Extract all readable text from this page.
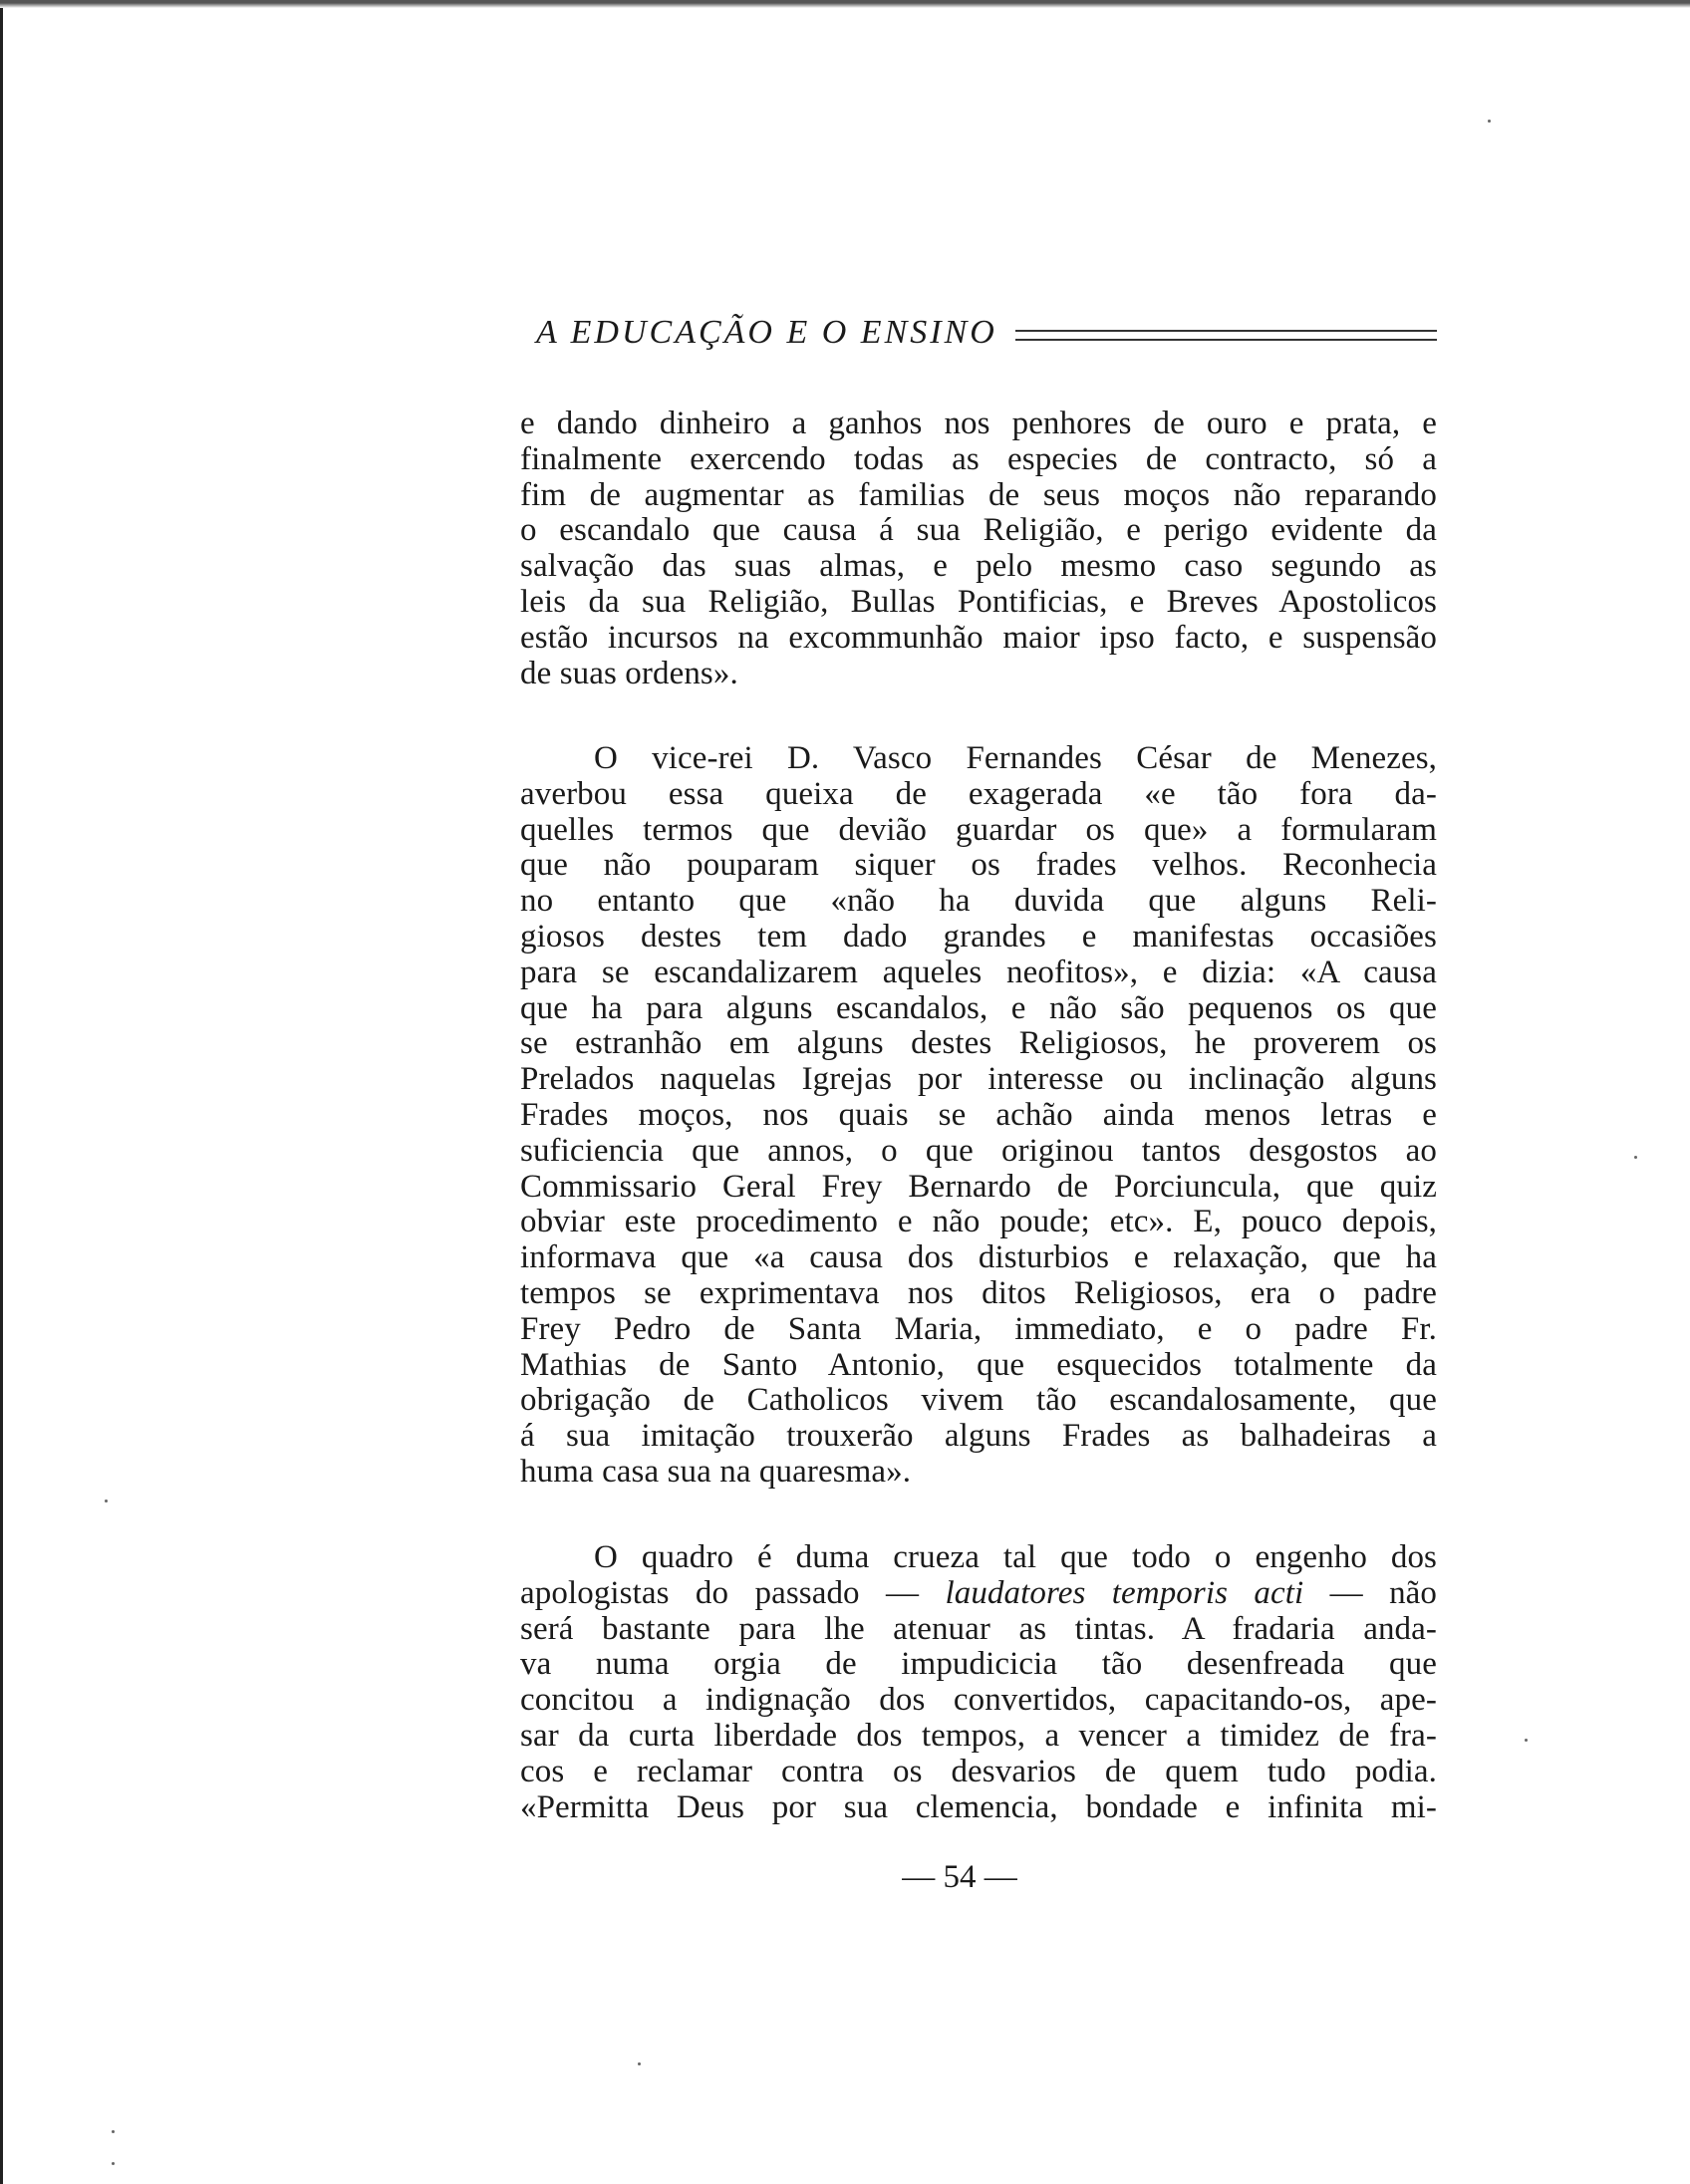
A EDUCAÇÃO E O ENSINO
e dando dinheiro a ganhos nos penhores de ouro e prata, e
finalmente exercendo todas as especies de contracto, só a
fim de augmentar as familias de seus moços não reparando
o escandalo que causa á sua Religião, e perigo evidente da
salvação das suas almas, e pelo mesmo caso segundo as
leis da sua Religião, Bullas Pontificias, e Breves Apostolicos
estão incursos na excommunhão maior ipso facto, e suspensão
de suas ordens».
O vice-rei D. Vasco Fernandes César de Menezes,
averbou essa queixa de exagerada «e tão fora da-
quelles termos que devião guardar os que» a formularam
que não pouparam siquer os frades velhos. Reconhecia
no entanto que «não ha duvida que alguns Reli-
giosos destes tem dado grandes e manifestas occasiões
para se escandalizarem aqueles neofitos», e dizia: «A causa
que ha para alguns escandalos, e não são pequenos os que
se estranhão em alguns destes Religiosos, he proverem os
Prelados naquelas Igrejas por interesse ou inclinação alguns
Frades moços, nos quais se achão ainda menos letras e
suficiencia que annos, o que originou tantos desgostos ao
Commissario Geral Frey Bernardo de Porciuncula, que quiz
obviar este procedimento e não poude; etc». E, pouco depois,
informava que «a causa dos disturbios e relaxação, que ha
tempos se exprimentava nos ditos Religiosos, era o padre
Frey Pedro de Santa Maria, immediato, e o padre Fr.
Mathias de Santo Antonio, que esquecidos totalmente da
obrigação de Catholicos vivem tão escandalosamente, que
á sua imitação trouxerão alguns Frades as balhadeiras a
huma casa sua na quaresma».
O quadro é duma crueza tal que todo o engenho dos
apologistas do passado — laudatores temporis acti — não
será bastante para lhe atenuar as tintas. A fradaria anda-
va numa orgia de impudicicia tão desenfreada que
concitou a indignação dos convertidos, capacitando-os, ape-
sar da curta liberdade dos tempos, a vencer a timidez de fra-
cos e reclamar contra os desvarios de quem tudo podia.
«Permitta Deus por sua clemencia, bondade e infinita mi-
— 54 —
